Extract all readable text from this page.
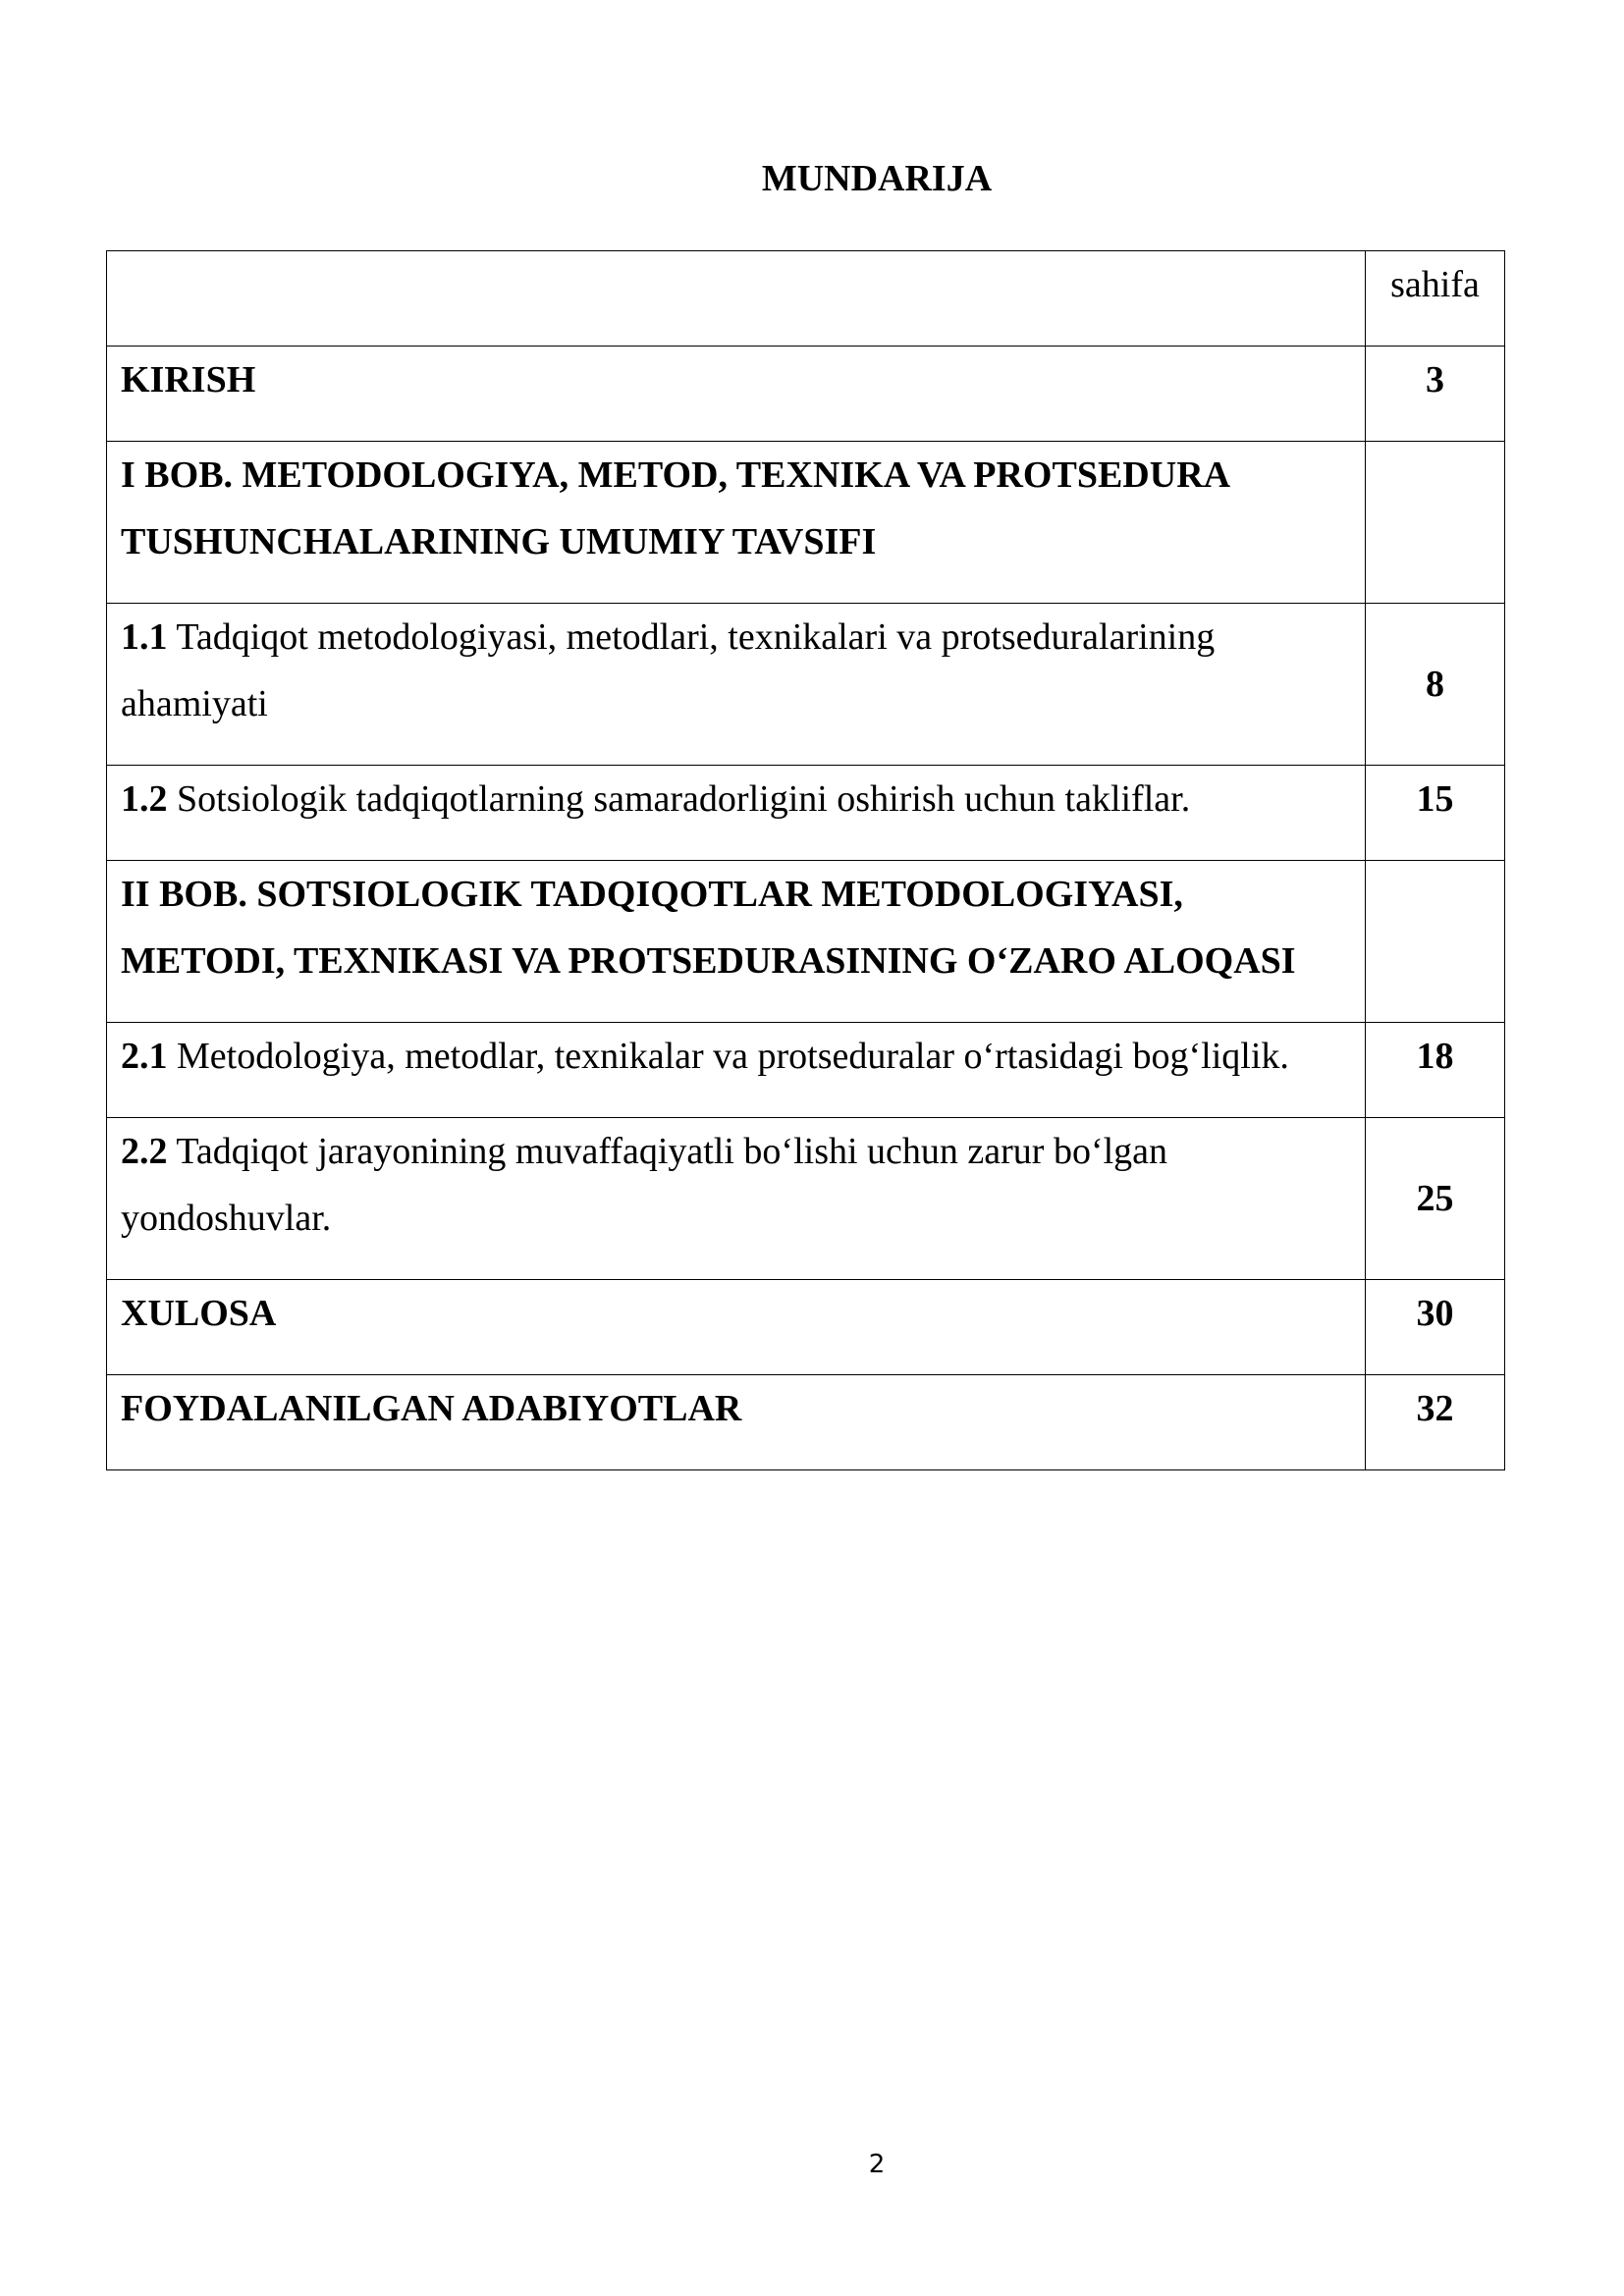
MUNDARIJA
	sahifa
KIRISH	3
I BOB. METODOLOGIYA, METOD, TEXNIKA VA PROTSEDURA TUSHUNCHALARINING UMUMIY TAVSIFI	
1.1 Tadqiqot metodologiyasi, metodlari, texnikalari va protseduralarining ahamiyati	8
1.2 Sotsiologik tadqiqotlarning samaradorligini oshirish uchun takliflar.	15
II BOB. SOTSIOLOGIK TADQIQOTLAR METODOLOGIYASI, METODI, TEXNIKASI VA PROTSEDURASINING O‘ZARO ALOQASI	
2.1 Metodologiya, metodlar, texnikalar va protseduralar o‘rtasidagi bog‘liqlik.	18
2.2 Tadqiqot jarayonining muvaffaqiyatli bo‘lishi uchun zarur bo‘lgan yondoshuvlar.	25
XULOSA	30
FOYDALANILGAN ADABIYOTLAR	32
2
